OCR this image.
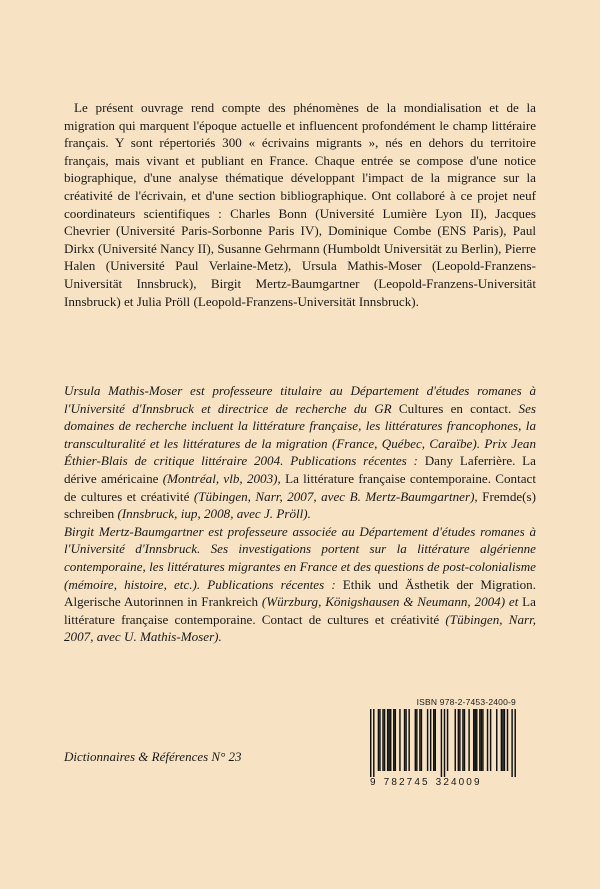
Le présent ouvrage rend compte des phénomènes de la mondialisation et de la migration qui marquent l'époque actuelle et influencent profondément le champ littéraire français. Y sont répertoriés 300 « écrivains migrants », nés en dehors du territoire français, mais vivant et publiant en France. Chaque entrée se compose d'une notice biographique, d'une analyse thématique développant l'impact de la migrance sur la créativité de l'écrivain, et d'une section bibliographique. Ont collaboré à ce projet neuf coordinateurs scientifiques : Charles Bonn (Université Lumière Lyon II), Jacques Chevrier (Université Paris-Sorbonne Paris IV), Dominique Combe (ENS Paris), Paul Dirkx (Université Nancy II), Susanne Gehrmann (Humboldt Universität zu Berlin), Pierre Halen (Université Paul Verlaine-Metz), Ursula Mathis-Moser (Leopold-Franzens-Universität Innsbruck), Birgit Mertz-Baumgartner (Leopold-Franzens-Universität Innsbruck) et Julia Pröll (Leopold-Franzens-Universität Innsbruck).

Ursula Mathis-Moser est professeure titulaire au Département d'études romanes à l'Université d'Innsbruck et directrice de recherche du GR Cultures en contact. Ses domaines de recherche incluent la littérature française, les littératures francophones, la transculturalité et les littératures de la migration (France, Québec, Caraïbe). Prix Jean Éthier-Blais de critique littéraire 2004. Publications récentes : Dany Laferrière. La dérive américaine (Montréal, vlb, 2003), La littérature française contemporaine. Contact de cultures et créativité (Tübingen, Narr, 2007, avec B. Mertz-Baumgartner), Fremde(s) schreiben (Innsbruck, iup, 2008, avec J. Pröll).

Birgit Mertz-Baumgartner est professeure associée au Département d'études romanes à l'Université d'Innsbruck. Ses investigations portent sur la littérature algérienne contemporaine, les littératures migrantes en France et des questions de post-colonialisme (mémoire, histoire, etc.). Publications récentes : Ethik und Ästhetik der Migration. Algerische Autorinnen in Frankreich (Würzburg, Königshausen & Neumann, 2004) et La littérature française contemporaine. Contact de cultures et créativité (Tübingen, Narr, 2007, avec U. Mathis-Moser).

Dictionnaires & Références N° 23

ISBN 978-2-7453-2400-9

9 782745 324009
